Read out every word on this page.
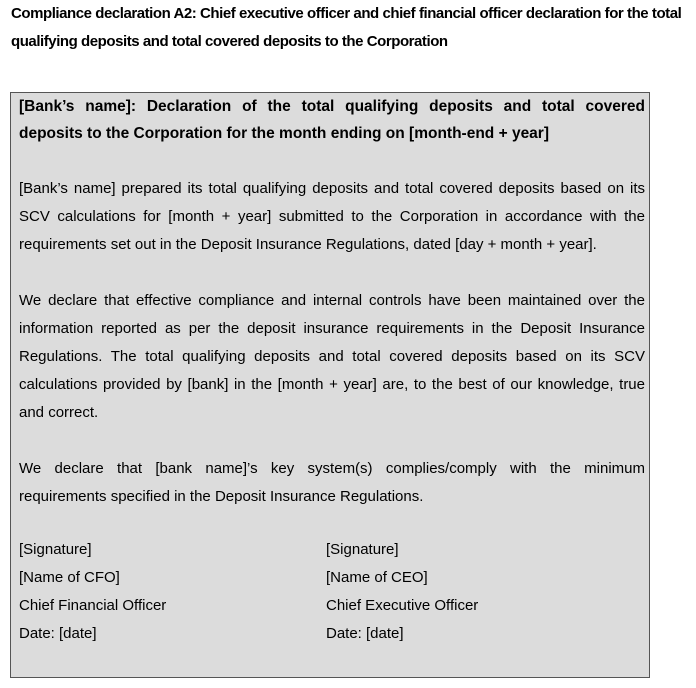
Compliance declaration A2: Chief executive officer and chief financial officer declaration for the total qualifying deposits and total covered deposits to the Corporation

[Bank’s name]: Declaration of the total qualifying deposits and total covered deposits to the Corporation for the month ending on [month-end + year]

[Bank’s name] prepared its total qualifying deposits and total covered deposits based on its SCV calculations for [month + year] submitted to the Corporation in accordance with the requirements set out in the Deposit Insurance Regulations, dated [day + month + year].

We declare that effective compliance and internal controls have been maintained over the information reported as per the deposit insurance requirements in the Deposit Insurance Regulations. The total qualifying deposits and total covered deposits based on its SCV calculations provided by [bank] in the [month + year] are, to the best of our knowledge, true and correct.

We declare that [bank name]’s key system(s) complies/comply with the minimum requirements specified in the Deposit Insurance Regulations.

[Signature]

[Name of CFO]

Chief Financial Officer

Date: [date]

[Signature]

[Name of CEO]

Chief Executive Officer

Date: [date]
